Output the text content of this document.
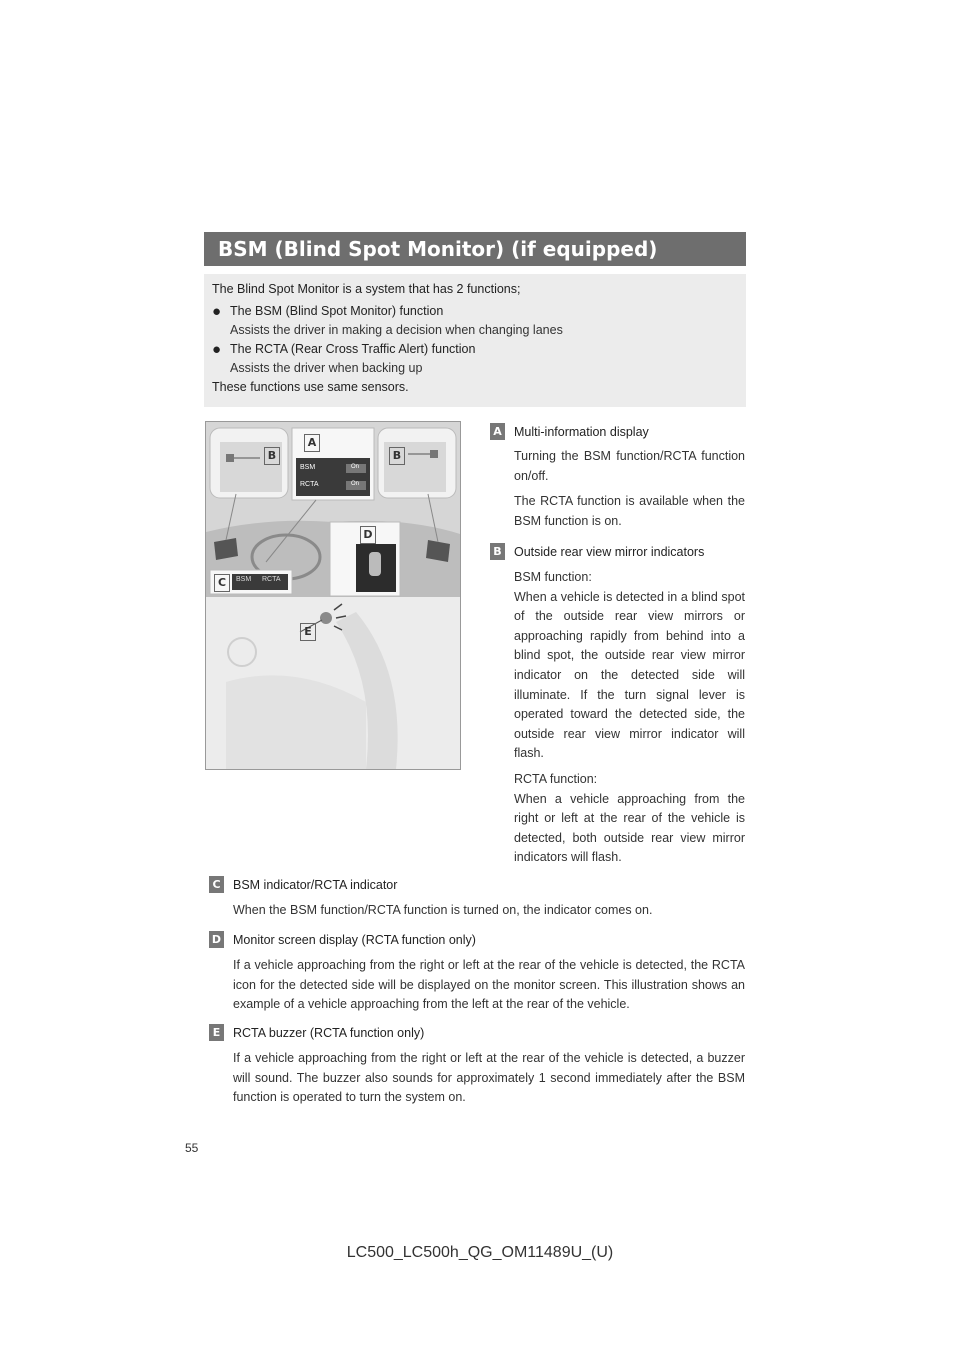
BSM (Blind Spot Monitor) (if equipped)
The Blind Spot Monitor is a system that has 2 functions;
● The BSM (Blind Spot Monitor) function
Assists the driver in making a decision when changing lanes
● The RCTA (Rear Cross Traffic Alert) function
Assists the driver when backing up
These functions use same sensors.
B	B
A
D
C
E
BSM	On
RCTA	On
BSM RCTA
A Multi-information display

Turning the BSM function/RCTA function on/off.

The RCTA function is available when the BSM function is on.

B Outside rear view mirror indicators

BSM function:

When a vehicle is detected in a blind spot of the outside rear view mirrors or approaching rapidly from behind into a blind spot, the outside rear view mirror indicator on the detected side will illuminate. If the turn signal lever is operated toward the detected side, the outside rear view mirror indicator will flash.

RCTA function:

When a vehicle approaching from the right or left at the rear of the vehicle is detected, both outside rear view mirror indicators will flash.

C BSM indicator/RCTA indicator

When the BSM function/RCTA function is turned on, the indicator comes on.

D Monitor screen display (RCTA function only)

If a vehicle approaching from the right or left at the rear of the vehicle is detected, the RCTA icon for the detected side will be displayed on the monitor screen. This illustration shows an example of a vehicle approaching from the left at the rear of the vehicle.

E	RCTA buzzer (RCTA function only)

If a vehicle approaching from the right or left at the rear of the vehicle is detected, a buzzer will sound. The buzzer also sounds for approximately 1 second immediately after the BSM function is operated to turn the system on.

55
LC500_LC500h_QG_OM11489U_(U)
